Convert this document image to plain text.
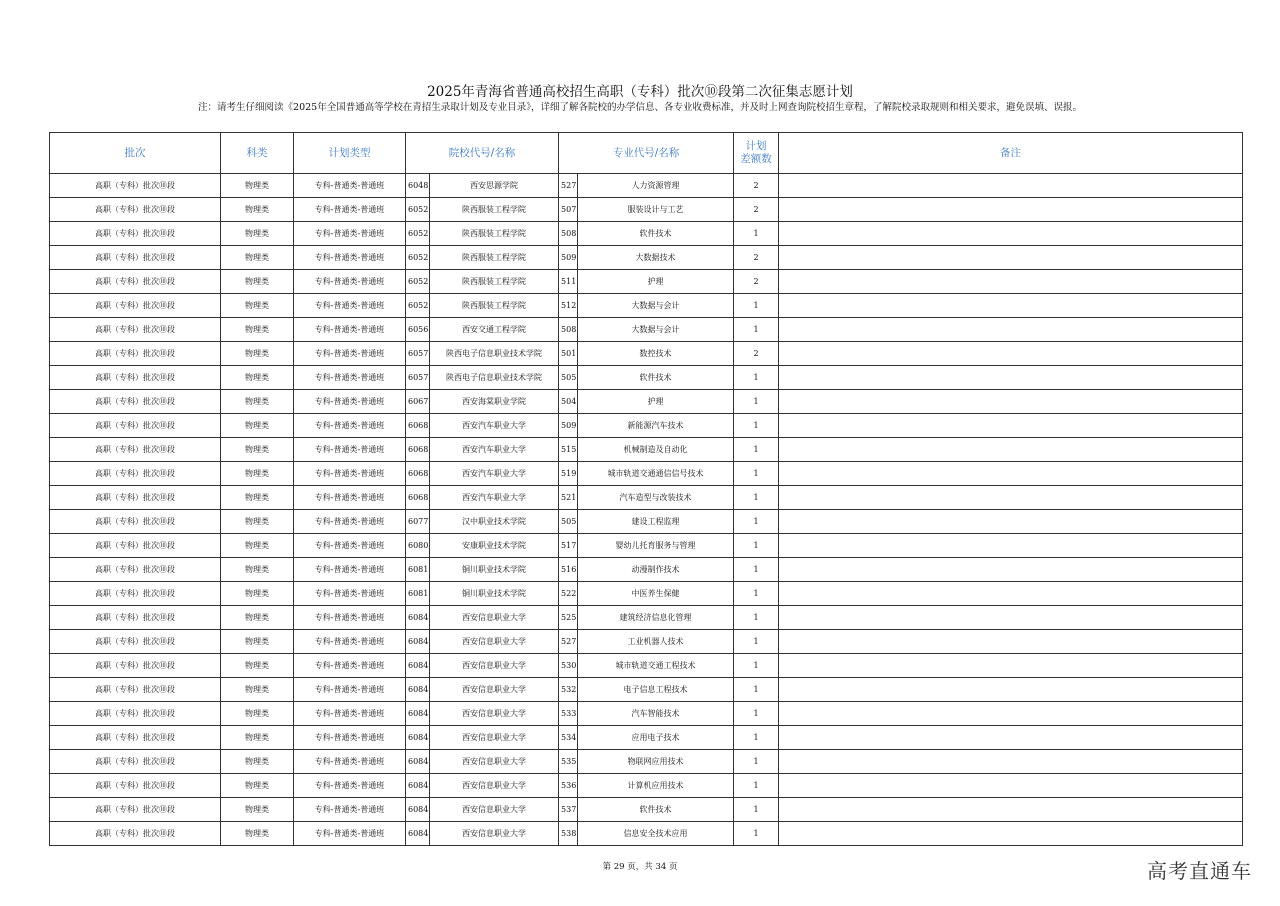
2025年青海省普通高校招生高职（专科）批次⑩段第二次征集志愿计划
注：请考生仔细阅读《2025年全国普通高等学校在青招生录取计划及专业目录》，详细了解各院校的办学信息、各专业收费标准，并及时上网查询院校招生章程，了解院校录取规则和相关要求，避免误填、误报。
批次	科类	计划类型	院校代号/名称		专业代号/名称		计划
差额数	备注
高职（专科）批次⑩段	物理类	专科-普通类-普通班	6048	西安思源学院	527	人力资源管理	2	
高职（专科）批次⑩段	物理类	专科-普通类-普通班	6052	陕西服装工程学院	507	服装设计与工艺	2	
高职（专科）批次⑩段	物理类	专科-普通类-普通班	6052	陕西服装工程学院	508	软件技术	1	
高职（专科）批次⑩段	物理类	专科-普通类-普通班	6052	陕西服装工程学院	509	大数据技术	2	
高职（专科）批次⑩段	物理类	专科-普通类-普通班	6052	陕西服装工程学院	511	护理	2	
高职（专科）批次⑩段	物理类	专科-普通类-普通班	6052	陕西服装工程学院	512	大数据与会计	1	
高职（专科）批次⑩段	物理类	专科-普通类-普通班	6056	西安交通工程学院	508	大数据与会计	1	
高职（专科）批次⑩段	物理类	专科-普通类-普通班	6057	陕西电子信息职业技术学院	501	数控技术	2	
高职（专科）批次⑩段	物理类	专科-普通类-普通班	6057	陕西电子信息职业技术学院	505	软件技术	1	
高职（专科）批次⑩段	物理类	专科-普通类-普通班	6067	西安海棠职业学院	504	护理	1	
高职（专科）批次⑩段	物理类	专科-普通类-普通班	6068	西安汽车职业大学	509	新能源汽车技术	1	
高职（专科）批次⑩段	物理类	专科-普通类-普通班	6068	西安汽车职业大学	515	机械制造及自动化	1	
高职（专科）批次⑩段	物理类	专科-普通类-普通班	6068	西安汽车职业大学	519	城市轨道交通通信信号技术	1	
高职（专科）批次⑩段	物理类	专科-普通类-普通班	6068	西安汽车职业大学	521	汽车造型与改装技术	1	
高职（专科）批次⑩段	物理类	专科-普通类-普通班	6077	汉中职业技术学院	505	建设工程监理	1	
高职（专科）批次⑩段	物理类	专科-普通类-普通班	6080	安康职业技术学院	517	婴幼儿托育服务与管理	1	
高职（专科）批次⑩段	物理类	专科-普通类-普通班	6081	铜川职业技术学院	516	动漫制作技术	1	
高职（专科）批次⑩段	物理类	专科-普通类-普通班	6081	铜川职业技术学院	522	中医养生保健	1	
高职（专科）批次⑩段	物理类	专科-普通类-普通班	6084	西安信息职业大学	525	建筑经济信息化管理	1	
高职（专科）批次⑩段	物理类	专科-普通类-普通班	6084	西安信息职业大学	527	工业机器人技术	1	
高职（专科）批次⑩段	物理类	专科-普通类-普通班	6084	西安信息职业大学	530	城市轨道交通工程技术	1	
高职（专科）批次⑩段	物理类	专科-普通类-普通班	6084	西安信息职业大学	532	电子信息工程技术	1	
高职（专科）批次⑩段	物理类	专科-普通类-普通班	6084	西安信息职业大学	533	汽车智能技术	1	
高职（专科）批次⑩段	物理类	专科-普通类-普通班	6084	西安信息职业大学	534	应用电子技术	1	
高职（专科）批次⑩段	物理类	专科-普通类-普通班	6084	西安信息职业大学	535	物联网应用技术	1	
高职（专科）批次⑩段	物理类	专科-普通类-普通班	6084	西安信息职业大学	536	计算机应用技术	1	
高职（专科）批次⑩段	物理类	专科-普通类-普通班	6084	西安信息职业大学	537	软件技术	1	
高职（专科）批次⑩段	物理类	专科-普通类-普通班	6084	西安信息职业大学	538	信息安全技术应用	1	
第 29 页，共 34 页	高考直通车
